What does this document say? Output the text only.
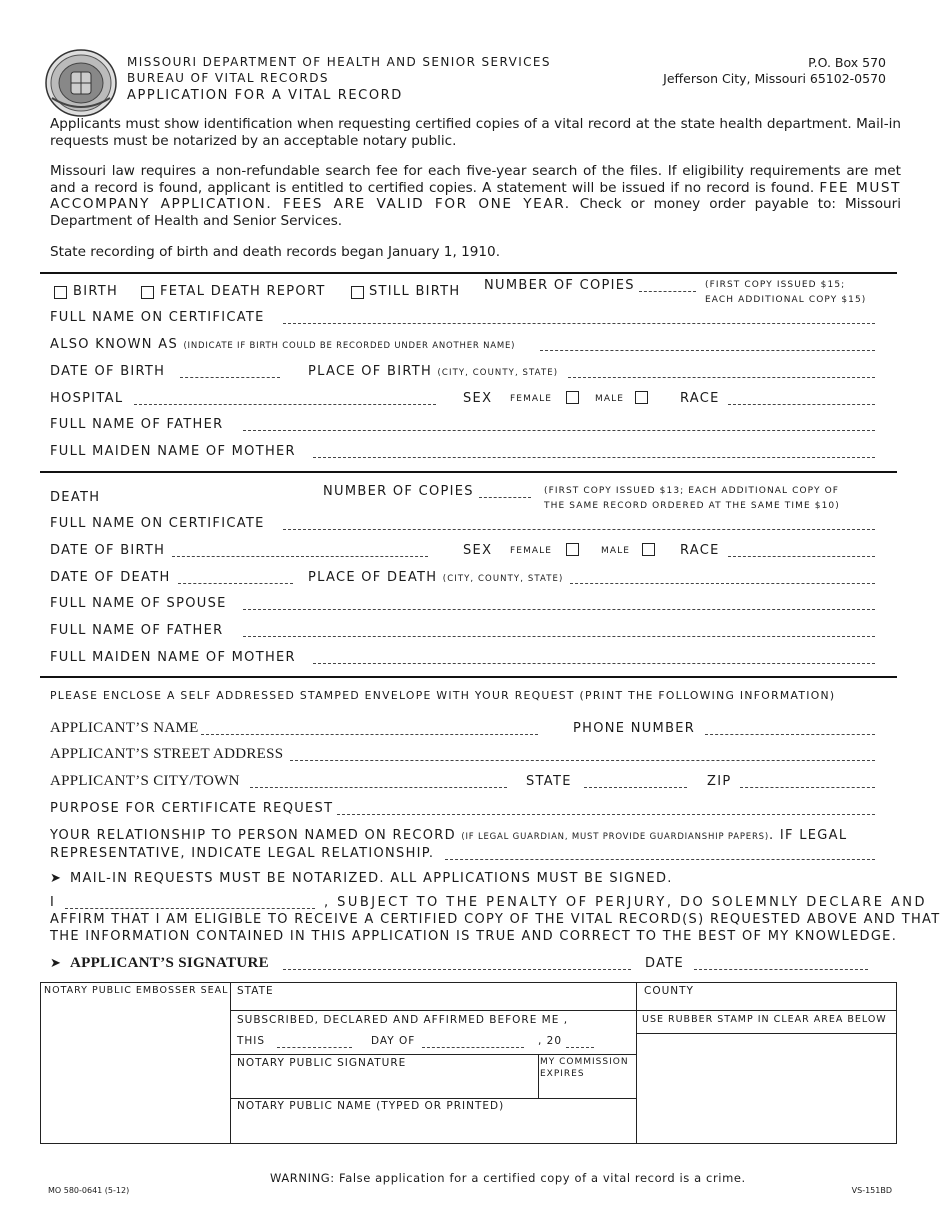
MISSOURI DEPARTMENT OF HEALTH AND SENIOR SERVICES
BUREAU OF VITAL RECORDS
APPLICATION FOR A VITAL RECORD
P.O. Box 570
Jefferson City, Missouri 65102-0570
Applicants must show identification when requesting certified copies of a vital record at the state health department. Mail-in requests must be notarized by an acceptable notary public.
Missouri law requires a non-refundable search fee for each five-year search of the files. If eligibility requirements are met and a record is found, applicant is entitled to certified copies. A statement will be issued if no record is found. FEE MUST ACCOMPANY APPLICATION. FEES ARE VALID FOR ONE YEAR. Check or money order payable to: Missouri Department of Health and Senior Services.
State recording of birth and death records began January 1, 1910.
BIRTH	FETAL DEATH REPORT	STILL BIRTH NUMBER OF COPIES	(FIRST COPY ISSUED $15;
EACH ADDITIONAL COPY $15)
FULL NAME ON CERTIFICATE
ALSO KNOWN AS (INDICATE IF BIRTH COULD BE RECORDED UNDER ANOTHER NAME)
DATE OF BIRTH	PLACE OF BIRTH (CITY, COUNTY, STATE)
HOSPITAL	SEX FEMALE	MALE	RACE
FULL NAME OF FATHER
FULL MAIDEN NAME OF MOTHER
DEATH	NUMBER OF COPIES	(FIRST COPY ISSUED $13; EACH ADDITIONAL COPY OF
THE SAME RECORD ORDERED AT THE SAME TIME $10)
FULL NAME ON CERTIFICATE
DATE OF BIRTH	SEX FEMALE	MALE	RACE
DATE OF DEATH	PLACE OF DEATH (CITY, COUNTY, STATE)
FULL NAME OF SPOUSE
FULL NAME OF FATHER
FULL MAIDEN NAME OF MOTHER
PLEASE ENCLOSE A SELF ADDRESSED STAMPED ENVELOPE WITH YOUR REQUEST (PRINT THE FOLLOWING INFORMATION)
APPLICANT’S NAME	PHONE NUMBER
APPLICANT’S STREET ADDRESS
APPLICANT’S CITY/TOWN	STATE	ZIP
PURPOSE FOR CERTIFICATE REQUEST
YOUR RELATIONSHIP TO PERSON NAMED ON RECORD (IF LEGAL GUARDIAN, MUST PROVIDE GUARDIANSHIP PAPERS). IF LEGAL
REPRESENTATIVE, INDICATE LEGAL RELATIONSHIP.
➤ MAIL-IN REQUESTS MUST BE NOTARIZED. ALL APPLICATIONS MUST BE SIGNED.
I	, SUBJECT TO THE PENALTY OF PERJURY, DO SOLEMNLY DECLARE AND
AFFIRM THAT I AM ELIGIBLE TO RECEIVE A CERTIFIED COPY OF THE VITAL RECORD(S) REQUESTED ABOVE AND THAT
THE INFORMATION CONTAINED IN THIS APPLICATION IS TRUE AND CORRECT TO THE BEST OF MY KNOWLEDGE.
➤ APPLICANT’S SIGNATURE	DATE
NOTARY PUBLIC EMBOSSER SEAL STATE	COUNTY
SUBSCRIBED, DECLARED AND AFFIRMED BEFORE ME ,	USE RUBBER STAMP IN CLEAR AREA BELOW
THIS	DAY OF	, 20
NOTARY PUBLIC SIGNATURE	MY COMMISSION
EXPIRES
NOTARY PUBLIC NAME (TYPED OR PRINTED)
WARNING: False application for a certified copy of a vital record is a crime.
MO 580-0641 (5-12)	VS-151BD
